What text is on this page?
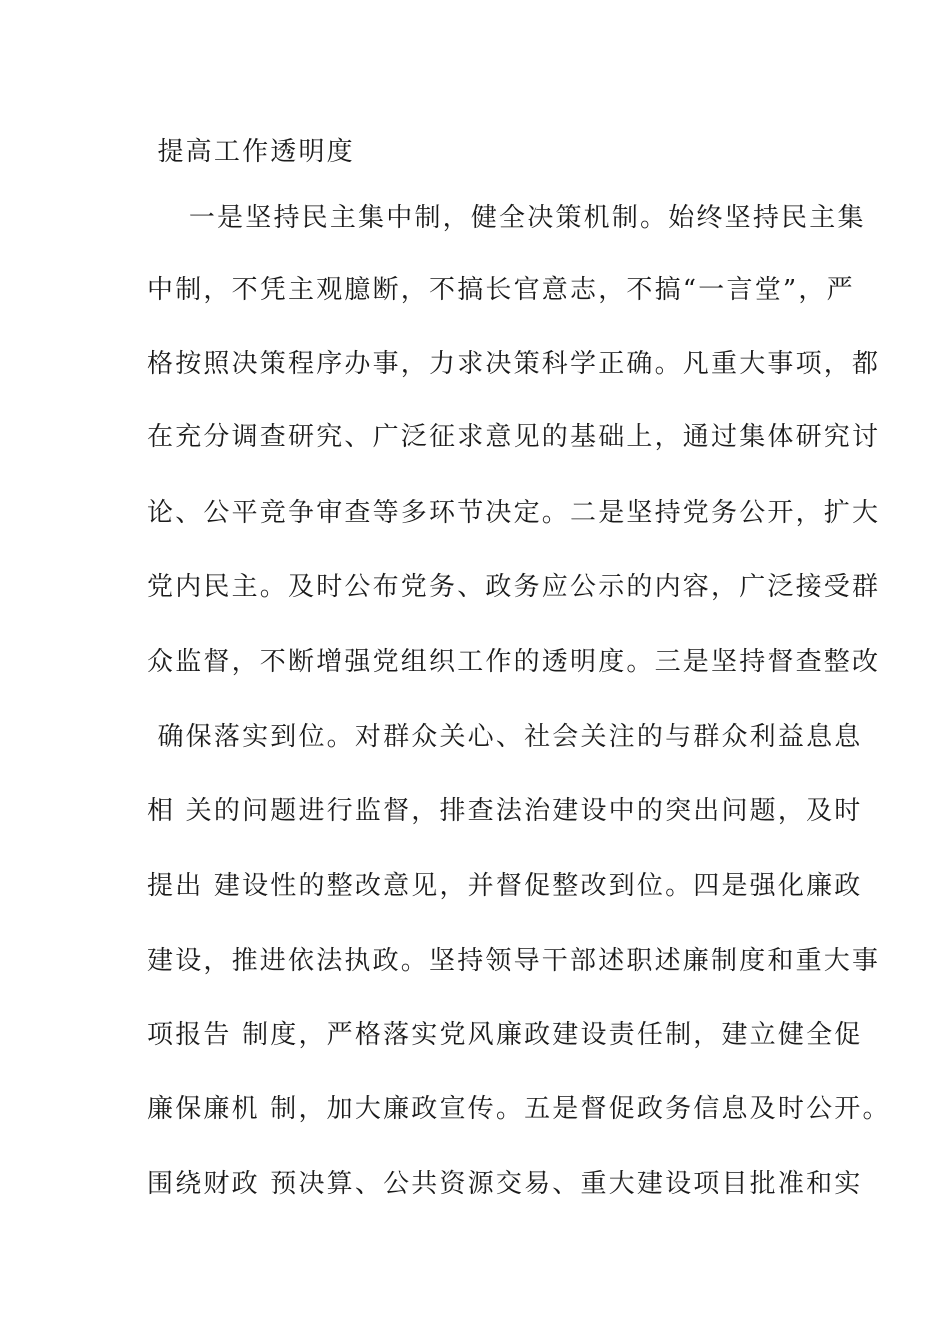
提高工作透明度
一是坚持民主集中制，健全决策机制。始终坚持民主集
中制，不凭主观臆断，不搞长官意志，不搞“一言堂”，严
格按照决策程序办事，力求决策科学正确。凡重大事项，都
在充分调查研究、广泛征求意见的基础上，通过集体研究讨
论、公平竞争审查等多环节决定。二是坚持党务公开，扩大
党内民主。及时公布党务、政务应公示的内容，广泛接受群
众监督，不断增强党组织工作的透明度。三是坚持督查整改
确保落实到位。对群众关心、社会关注的与群众利益息息
相 关的问题进行监督，排查法治建设中的突出问题，及时
提出 建设性的整改意见，并督促整改到位。四是强化廉政
建设，推进依法执政。坚持领导干部述职述廉制度和重大事
项报告 制度，严格落实党风廉政建设责任制，建立健全促
廉保廉机 制，加大廉政宣传。五是督促政务信息及时公开。
围绕财政 预决算、公共资源交易、重大建设项目批准和实
